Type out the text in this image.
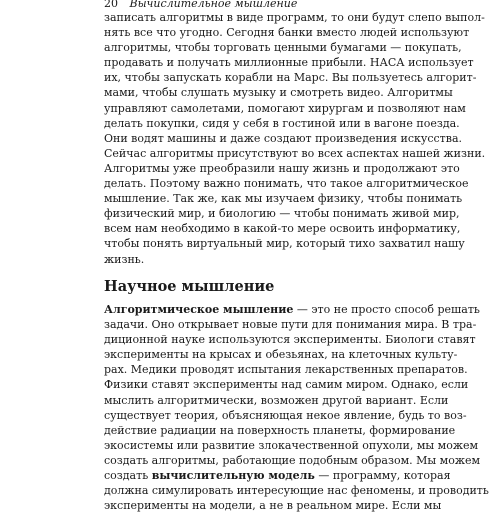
20 Вычислительное мышление
записать алгоритмы в виде программ, то они будут слепо выпол-
нять все что угодно. Сегодня банки вместо людей используют
алгоритмы, чтобы торговать ценными бумагами — покупать,
продавать и получать миллионные прибыли. НАСА использует
их, чтобы запускать корабли на Марс. Вы пользуетесь алгорит-
мами, чтобы слушать музыку и смотреть видео. Алгоритмы
управляют самолетами, помогают хирургам и позволяют нам
делать покупки, сидя у себя в гостиной или в вагоне поезда.
Они водят машины и даже создают произведения искусства.
Сейчас алгоритмы присутствуют во всех аспектах нашей жизни.
Алгоритмы уже преобразили нашу жизнь и продолжают это
делать. Поэтому важно понимать, что такое алгоритмическое
мышление. Так же, как мы изучаем физику, чтобы понимать
физический мир, и биологию — чтобы понимать живой мир,
всем нам необходимо в какой-то мере освоить информатику,
чтобы понять виртуальный мир, который тихо захватил нашу
жизнь.
Научное мышление
Алгоритмическое мышление — это не просто способ решать
задачи. Оно открывает новые пути для понимания мира. В тра-
диционной науке используются эксперименты. Биологи ставят
эксперименты на крысах и обезьянах, на клеточных культу-
рах. Медики проводят испытания лекарственных препаратов.
Физики ставят эксперименты над самим миром. Однако, если
мыслить алгоритмически, возможен другой вариант. Если
существует теория, объясняющая некое явление, будь то воз-
действие радиации на поверхность планеты, формирование
экосистемы или развитие злокачественной опухоли, мы можем
создать алгоритмы, работающие подобным образом. Мы можем
создать вычислительную модель — программу, которая
должна симулировать интересующие нас феномены, и проводить
эксперименты на модели, а не в реальном мире. Если мы
